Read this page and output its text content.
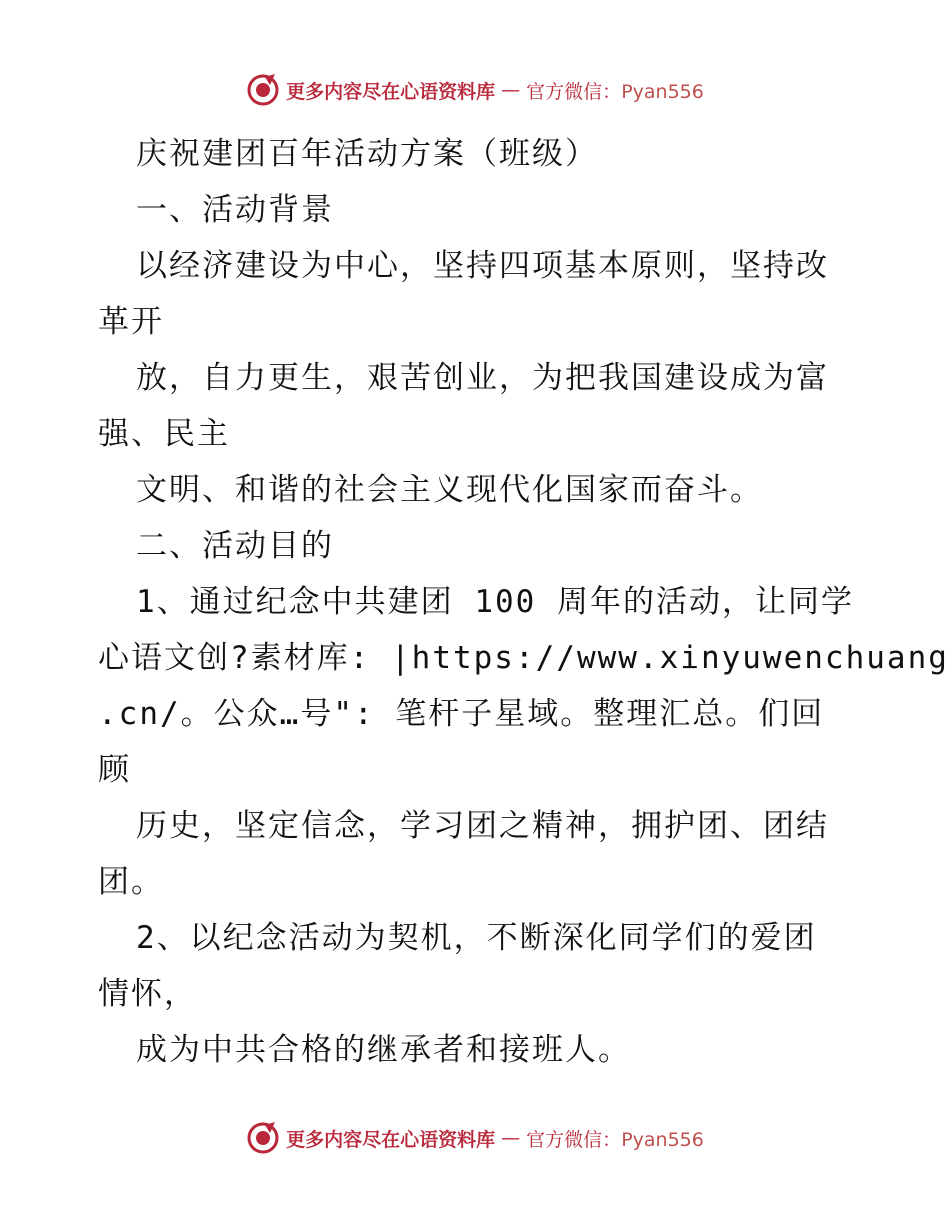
更多内容尽在心语资料库 — 官方微信：Pyan556
庆祝建团百年活动方案（班级）
一、活动背景
以经济建设为中心，坚持四项基本原则，坚持改
革开
放，自力更生，艰苦创业，为把我国建设成为富
强、民主
文明、和谐的社会主义现代化国家而奋斗。
二、活动目的
1、通过纪念中共建团 100 周年的活动，让同学
心语文创?素材库: |https://www.xinyuwenchuang
.cn/。公众…号": 笔杆子星域。整理汇总。们回
顾
历史，坚定信念，学习团之精神，拥护团、团结
团。
2、以纪念活动为契机，不断深化同学们的爱团
情怀，
成为中共合格的继承者和接班人。
更多内容尽在心语资料库 — 官方微信：Pyan556
